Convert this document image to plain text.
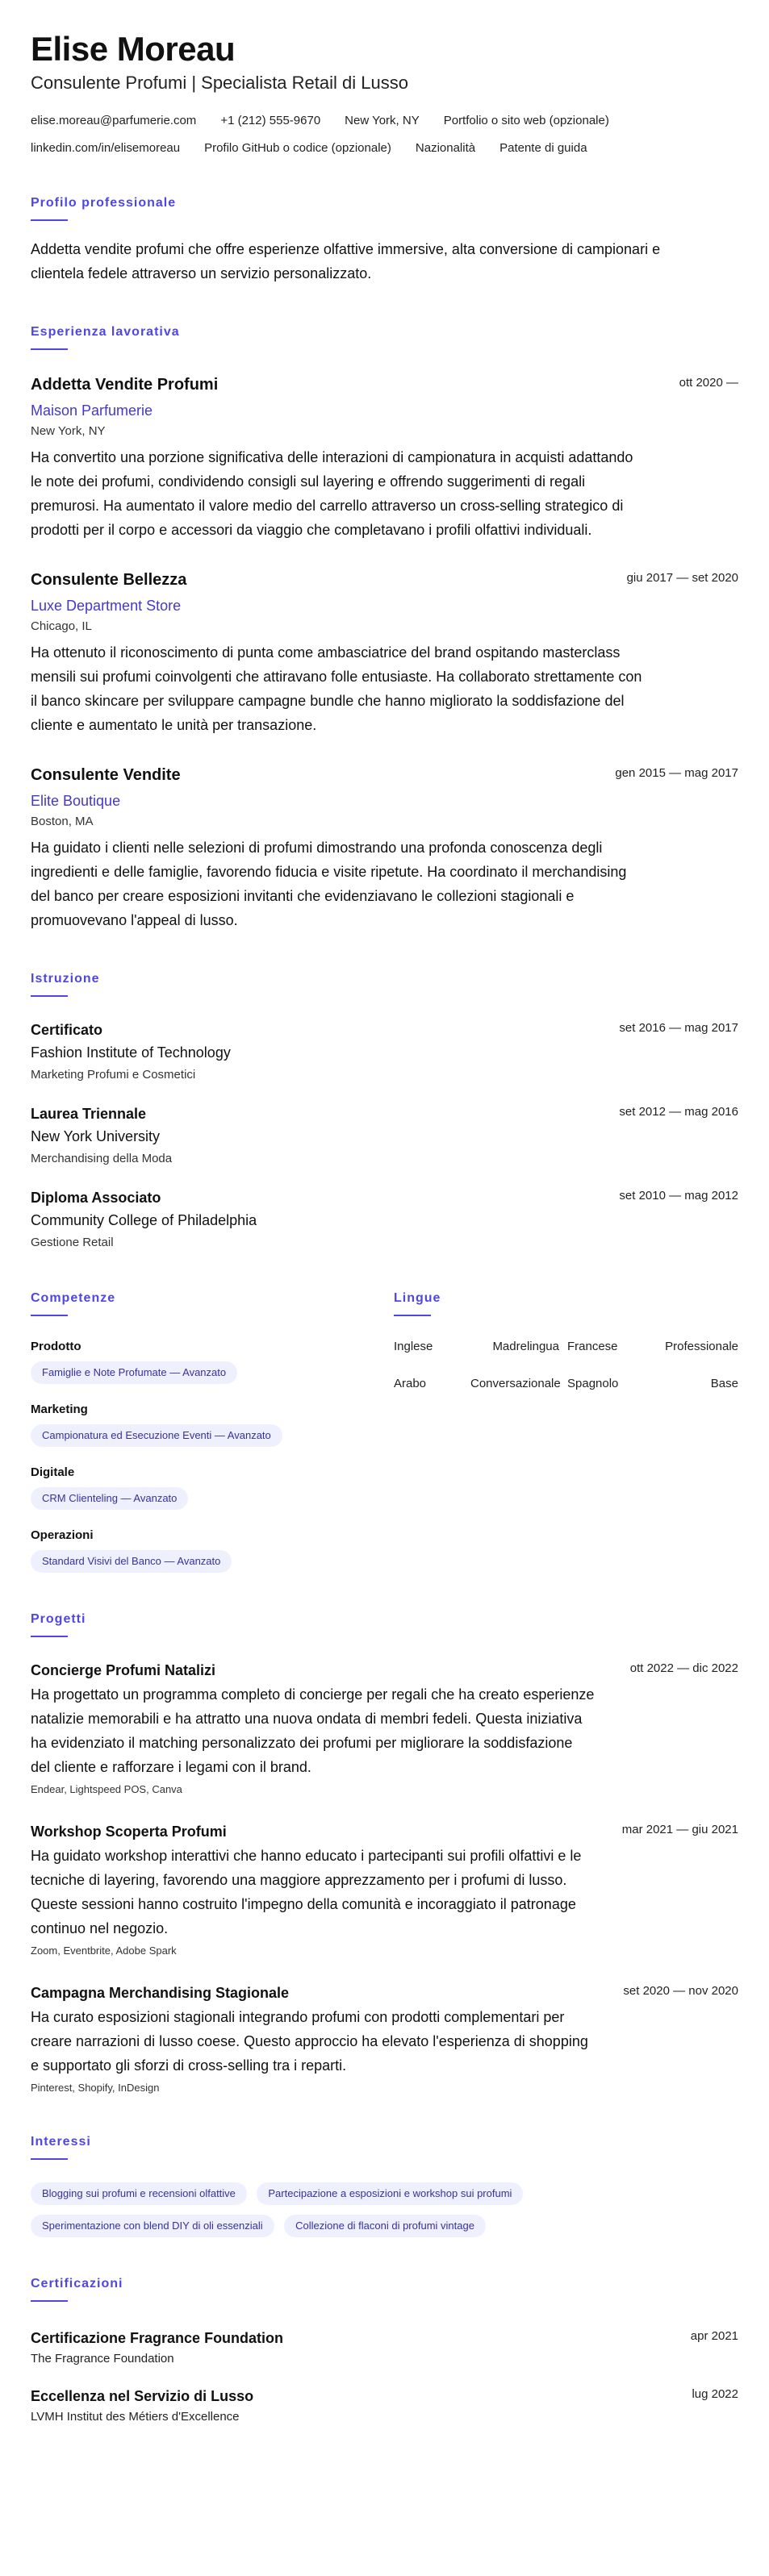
Elise Moreau
Consulente Profumi | Specialista Retail di Lusso
elise.moreau@parfumerie.com +1 (212) 555-9670 New York, NY Portfolio o sito web (opzionale)
linkedin.com/in/elisemoreau Profilo GitHub o codice (opzionale) Nazionalità Patente di guida
Profilo professionale

Addetta vendite profumi che offre esperienze olfattive immersive, alta conversione di campionari e clientela fedele attraverso un servizio personalizzato.

Esperienza lavorativa
Addetta Vendite Profumi	ott 2020 —
Maison Parfumerie
New York, NY

Ha convertito una porzione significativa delle interazioni di campionatura in acquisti adattando le note dei profumi, condividendo consigli sul layering e offrendo suggerimenti di regali premurosi. Ha aumentato il valore medio del carrello attraverso un cross-selling strategico di prodotti per il corpo e accessori da viaggio che completavano i profili olfattivi individuali.

Consulente Bellezza	giu 2017 — set 2020
Luxe Department Store
Chicago, IL

Ha ottenuto il riconoscimento di punta come ambasciatrice del brand ospitando masterclass mensili sui profumi coinvolgenti che attiravano folle entusiaste. Ha collaborato strettamente con il banco skincare per sviluppare campagne bundle che hanno migliorato la soddisfazione del cliente e aumentato le unità per transazione.

Consulente Vendite	gen 2015 — mag 2017
Elite Boutique
Boston, MA

Ha guidato i clienti nelle selezioni di profumi dimostrando una profonda conoscenza degli ingredienti e delle famiglie, favorendo fiducia e visite ripetute. Ha coordinato il merchandising del banco per creare esposizioni invitanti che evidenziavano le collezioni stagionali e promuovevano l'appeal di lusso.

Istruzione
Certificato	set 2016 — mag 2017
Fashion Institute of Technology
Marketing Profumi e Cosmetici
Laurea Triennale	set 2012 — mag 2016
New York University
Merchandising della Moda
Diploma Associato	set 2010 — mag 2012
Community College of Philadelphia
Gestione Retail
Competenze
Prodotto
Famiglie e Note Profumate — Avanzato
Marketing
Campionatura ed Esecuzione Eventi — Avanzato
Digitale
CRM Clienteling — Avanzato
Operazioni
Standard Visivi del Banco — Avanzato
Lingue
Inglese	Madrelingua Francese	Professionale
Arabo	Conversazionale Spagnolo	Base
Progetti
Concierge Profumi Natalizi	ott 2022 — dic 2022

Ha progettato un programma completo di concierge per regali che ha creato esperienze natalizie memorabili e ha attratto una nuova ondata di membri fedeli. Questa iniziativa ha evidenziato il matching personalizzato dei profumi per migliorare la soddisfazione del cliente e rafforzare i legami con il brand.

Endear, Lightspeed POS, Canva
Workshop Scoperta Profumi	mar 2021 — giu 2021

Ha guidato workshop interattivi che hanno educato i partecipanti sui profili olfattivi e le tecniche di layering, favorendo una maggiore apprezzamento per i profumi di lusso. Queste sessioni hanno costruito l'impegno della comunità e incoraggiato il patronage continuo nel negozio.

Zoom, Eventbrite, Adobe Spark
Campagna Merchandising Stagionale	set 2020 — nov 2020

Ha curato esposizioni stagionali integrando profumi con prodotti complementari per creare narrazioni di lusso coese. Questo approccio ha elevato l'esperienza di shopping e supportato gli sforzi di cross-selling tra i reparti.

Pinterest, Shopify, InDesign
Interessi
Blogging sui profumi e recensioni olfattive	Partecipazione a esposizioni e workshop sui profumi Sperimentazione con blend DIY di oli essenziali	Collezione di flaconi di profumi vintage
Certificazioni
Certificazione Fragrance Foundation	apr 2021
The Fragrance Foundation
Eccellenza nel Servizio di Lusso	lug 2022
LVMH Institut des Métiers d'Excellence
